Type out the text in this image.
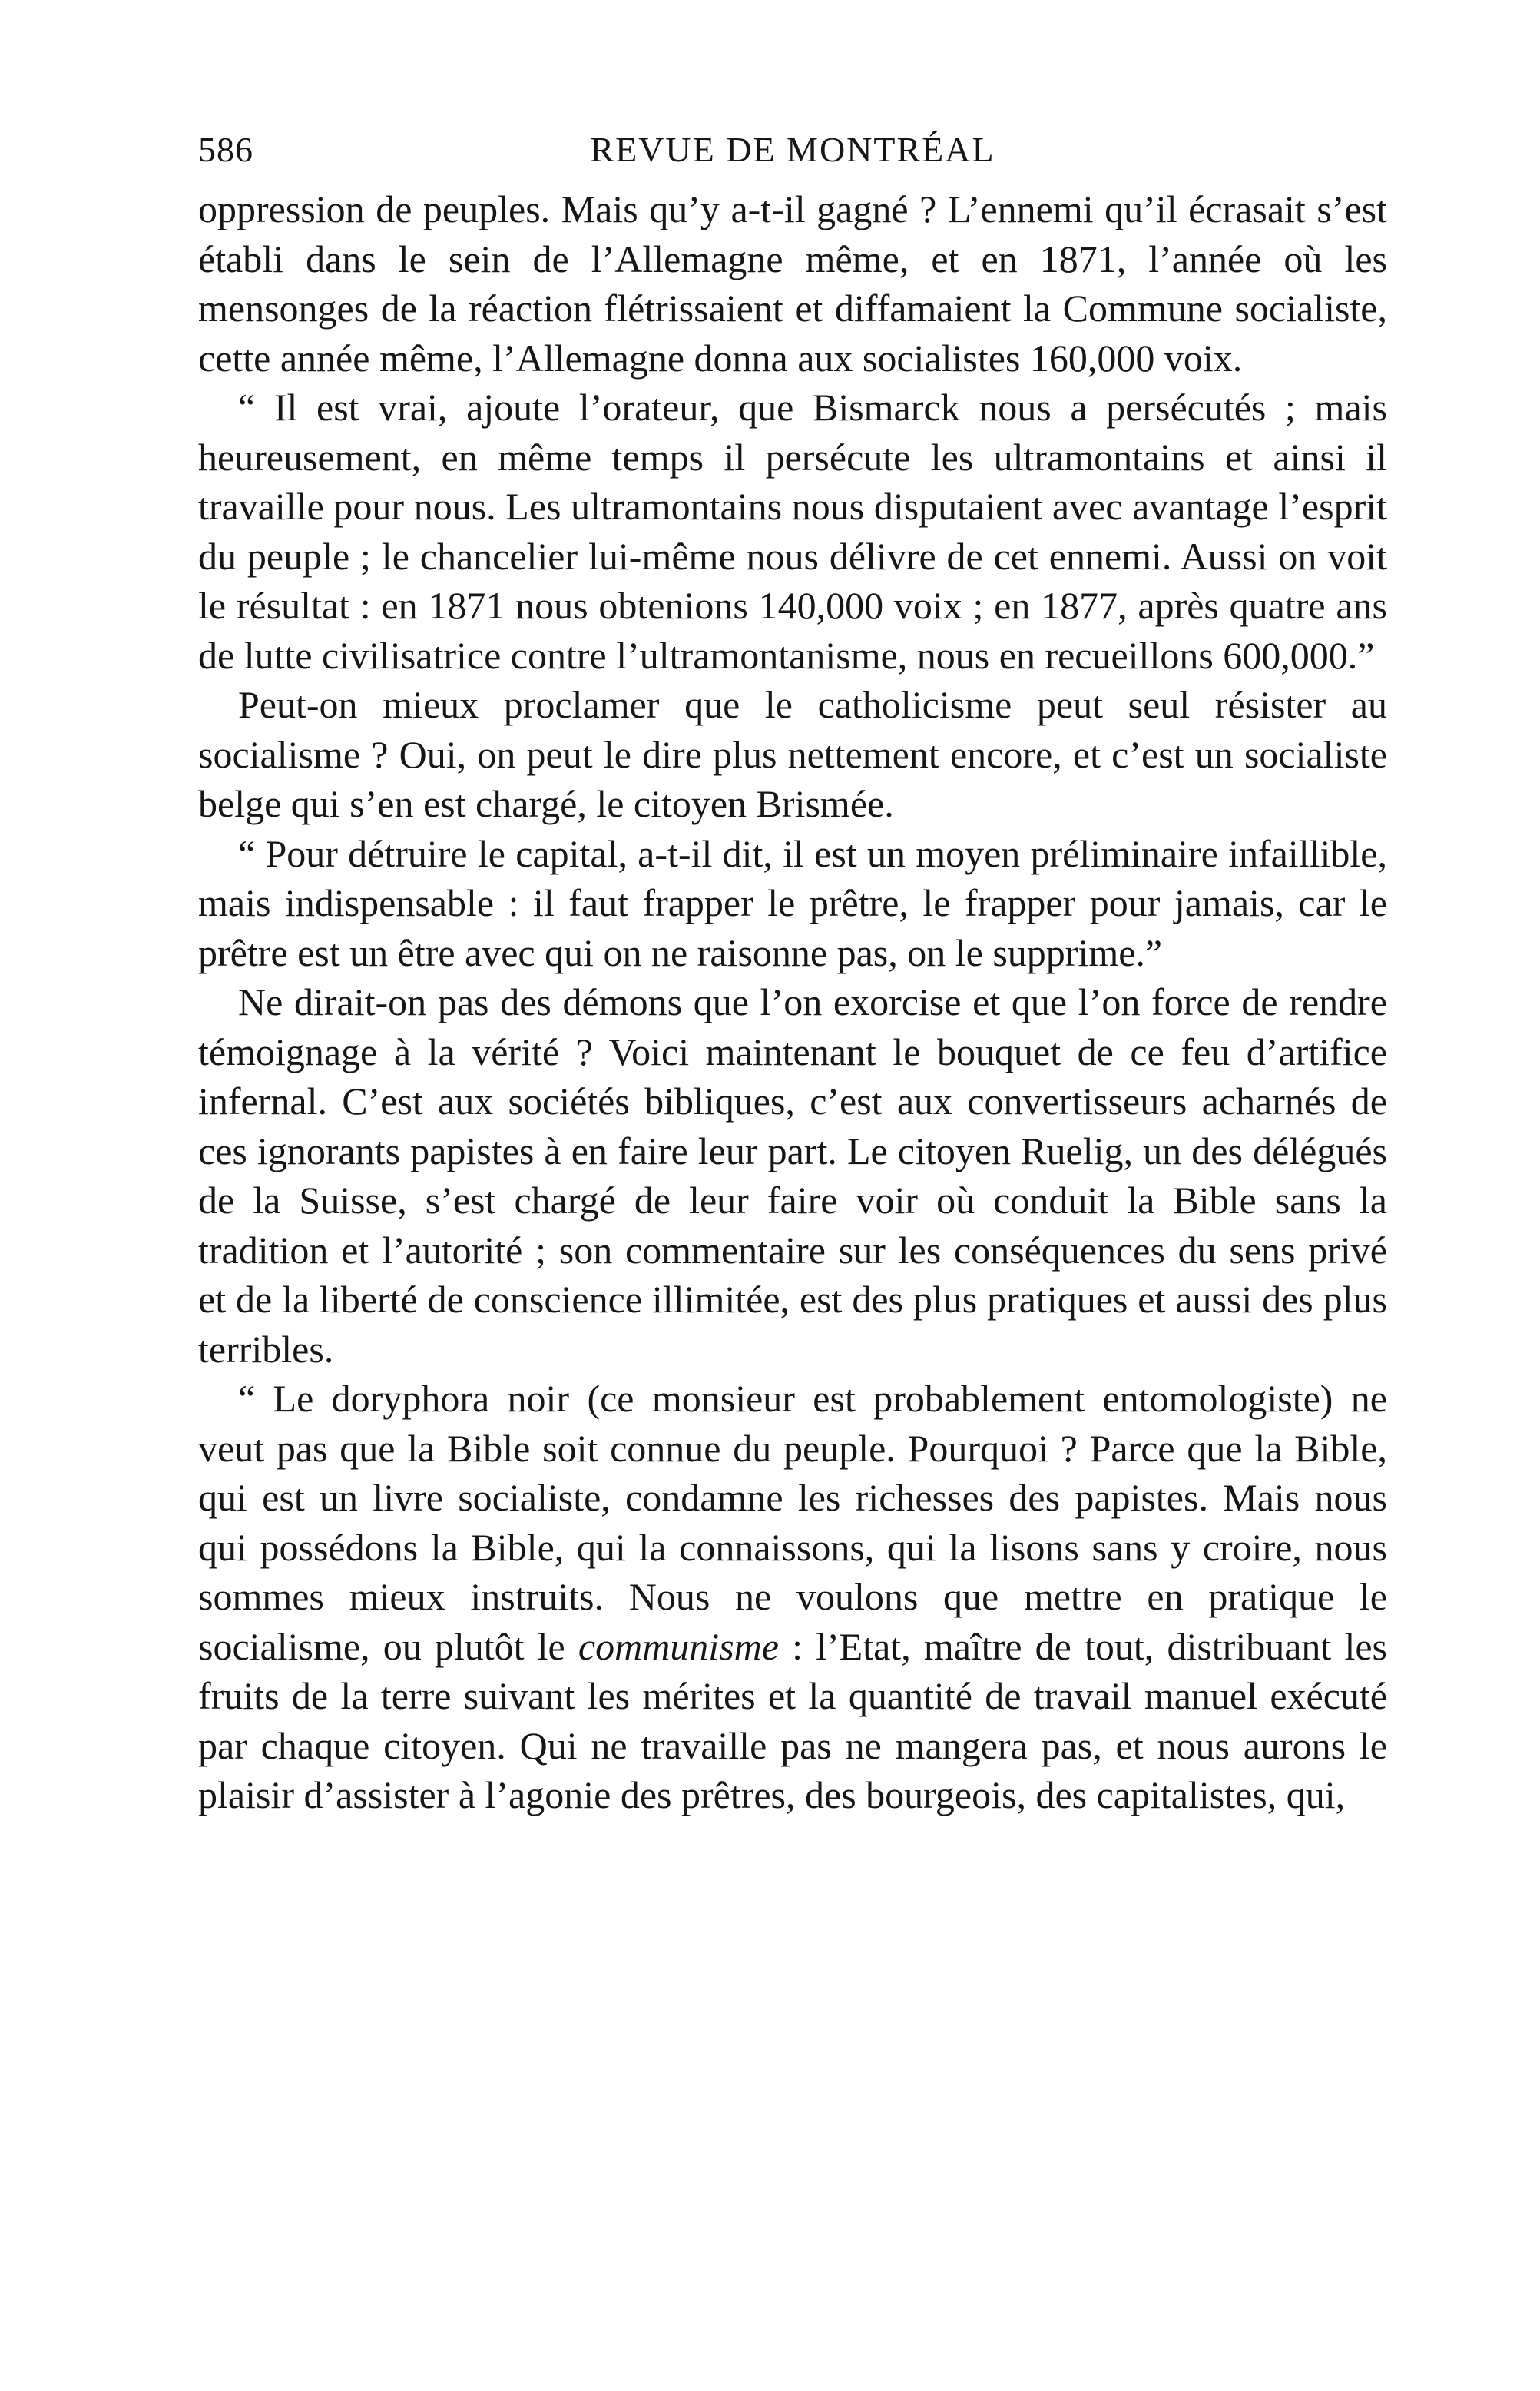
586	REVUE DE MONTRÉAL

oppression de peuples. Mais qu’y a-t-il gagné ? L’ennemi qu’il écrasait s’est établi dans le sein de l’Allemagne même, et en 1871, l’année où les mensonges de la réaction flétrissaient et diffamaient la Commune socialiste, cette année même, l’Allemagne donna aux socialistes 160,000 voix.

“ Il est vrai, ajoute l’orateur, que Bismarck nous a persécutés ; mais heureusement, en même temps il persécute les ultramontains et ainsi il travaille pour nous. Les ultramontains nous disputaient avec avantage l’esprit du peuple ; le chancelier lui-même nous délivre de cet ennemi. Aussi on voit le résultat : en 1871 nous obtenions 140,000 voix ; en 1877, après quatre ans de lutte civilisatrice contre l’ultramontanisme, nous en recueillons 600,000.”

Peut-on mieux proclamer que le catholicisme peut seul résister au socialisme ? Oui, on peut le dire plus nettement encore, et c’est un socialiste belge qui s’en est chargé, le citoyen Brismée.

“ Pour détruire le capital, a-t-il dit, il est un moyen préliminaire infaillible, mais indispensable : il faut frapper le prêtre, le frapper pour jamais, car le prêtre est un être avec qui on ne raisonne pas, on le supprime.”

Ne dirait-on pas des démons que l’on exorcise et que l’on force de rendre témoignage à la vérité ? Voici maintenant le bouquet de ce feu d’artifice infernal. C’est aux sociétés bibliques, c’est aux convertisseurs acharnés de ces ignorants papistes à en faire leur part. Le citoyen Ruelig, un des délégués de la Suisse, s’est chargé de leur faire voir où conduit la Bible sans la tradition et l’autorité ; son commentaire sur les conséquences du sens privé et de la liberté de conscience illimitée, est des plus pratiques et aussi des plus terribles.

“ Le doryphora noir (ce monsieur est probablement entomologiste) ne veut pas que la Bible soit connue du peuple. Pourquoi ? Parce que la Bible, qui est un livre socialiste, condamne les richesses des papistes. Mais nous qui possédons la Bible, qui la connaissons, qui la lisons sans y croire, nous sommes mieux instruits. Nous ne voulons que mettre en pratique le socialisme, ou plutôt le communisme : l’Etat, maître de tout, distribuant les fruits de la terre suivant les mérites et la quantité de travail manuel exécuté par chaque citoyen. Qui ne travaille pas ne mangera pas, et nous aurons le plaisir d’assister à l’agonie des prêtres, des bourgeois, des capitalistes, qui,
